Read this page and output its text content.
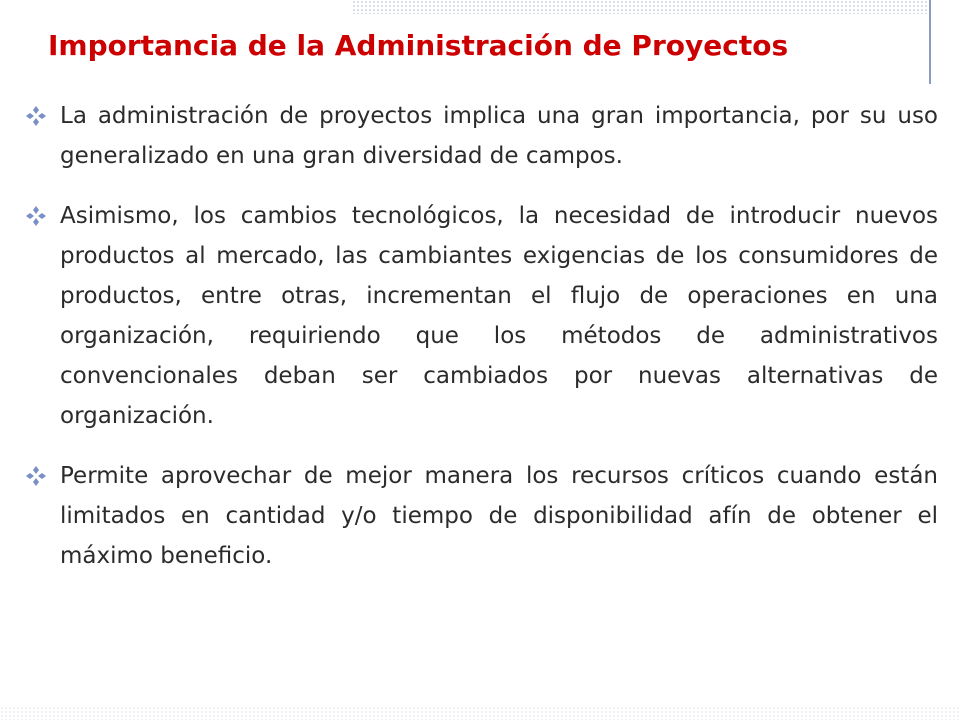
Importancia de la Administración de Proyectos
La administración de proyectos implica una gran importancia, por su uso generalizado en una gran diversidad de campos.
Asimismo, los cambios tecnológicos, la necesidad de introducir nuevos productos al mercado, las cambiantes exigencias de los consumidores de productos, entre otras, incrementan el flujo de operaciones en una organización, requiriendo que los métodos de administrativos convencionales deban ser cambiados por nuevas alternativas de organización.
Permite aprovechar de mejor manera los recursos críticos cuando están limitados en cantidad y/o tiempo de disponibilidad afín de obtener el máximo beneficio.
